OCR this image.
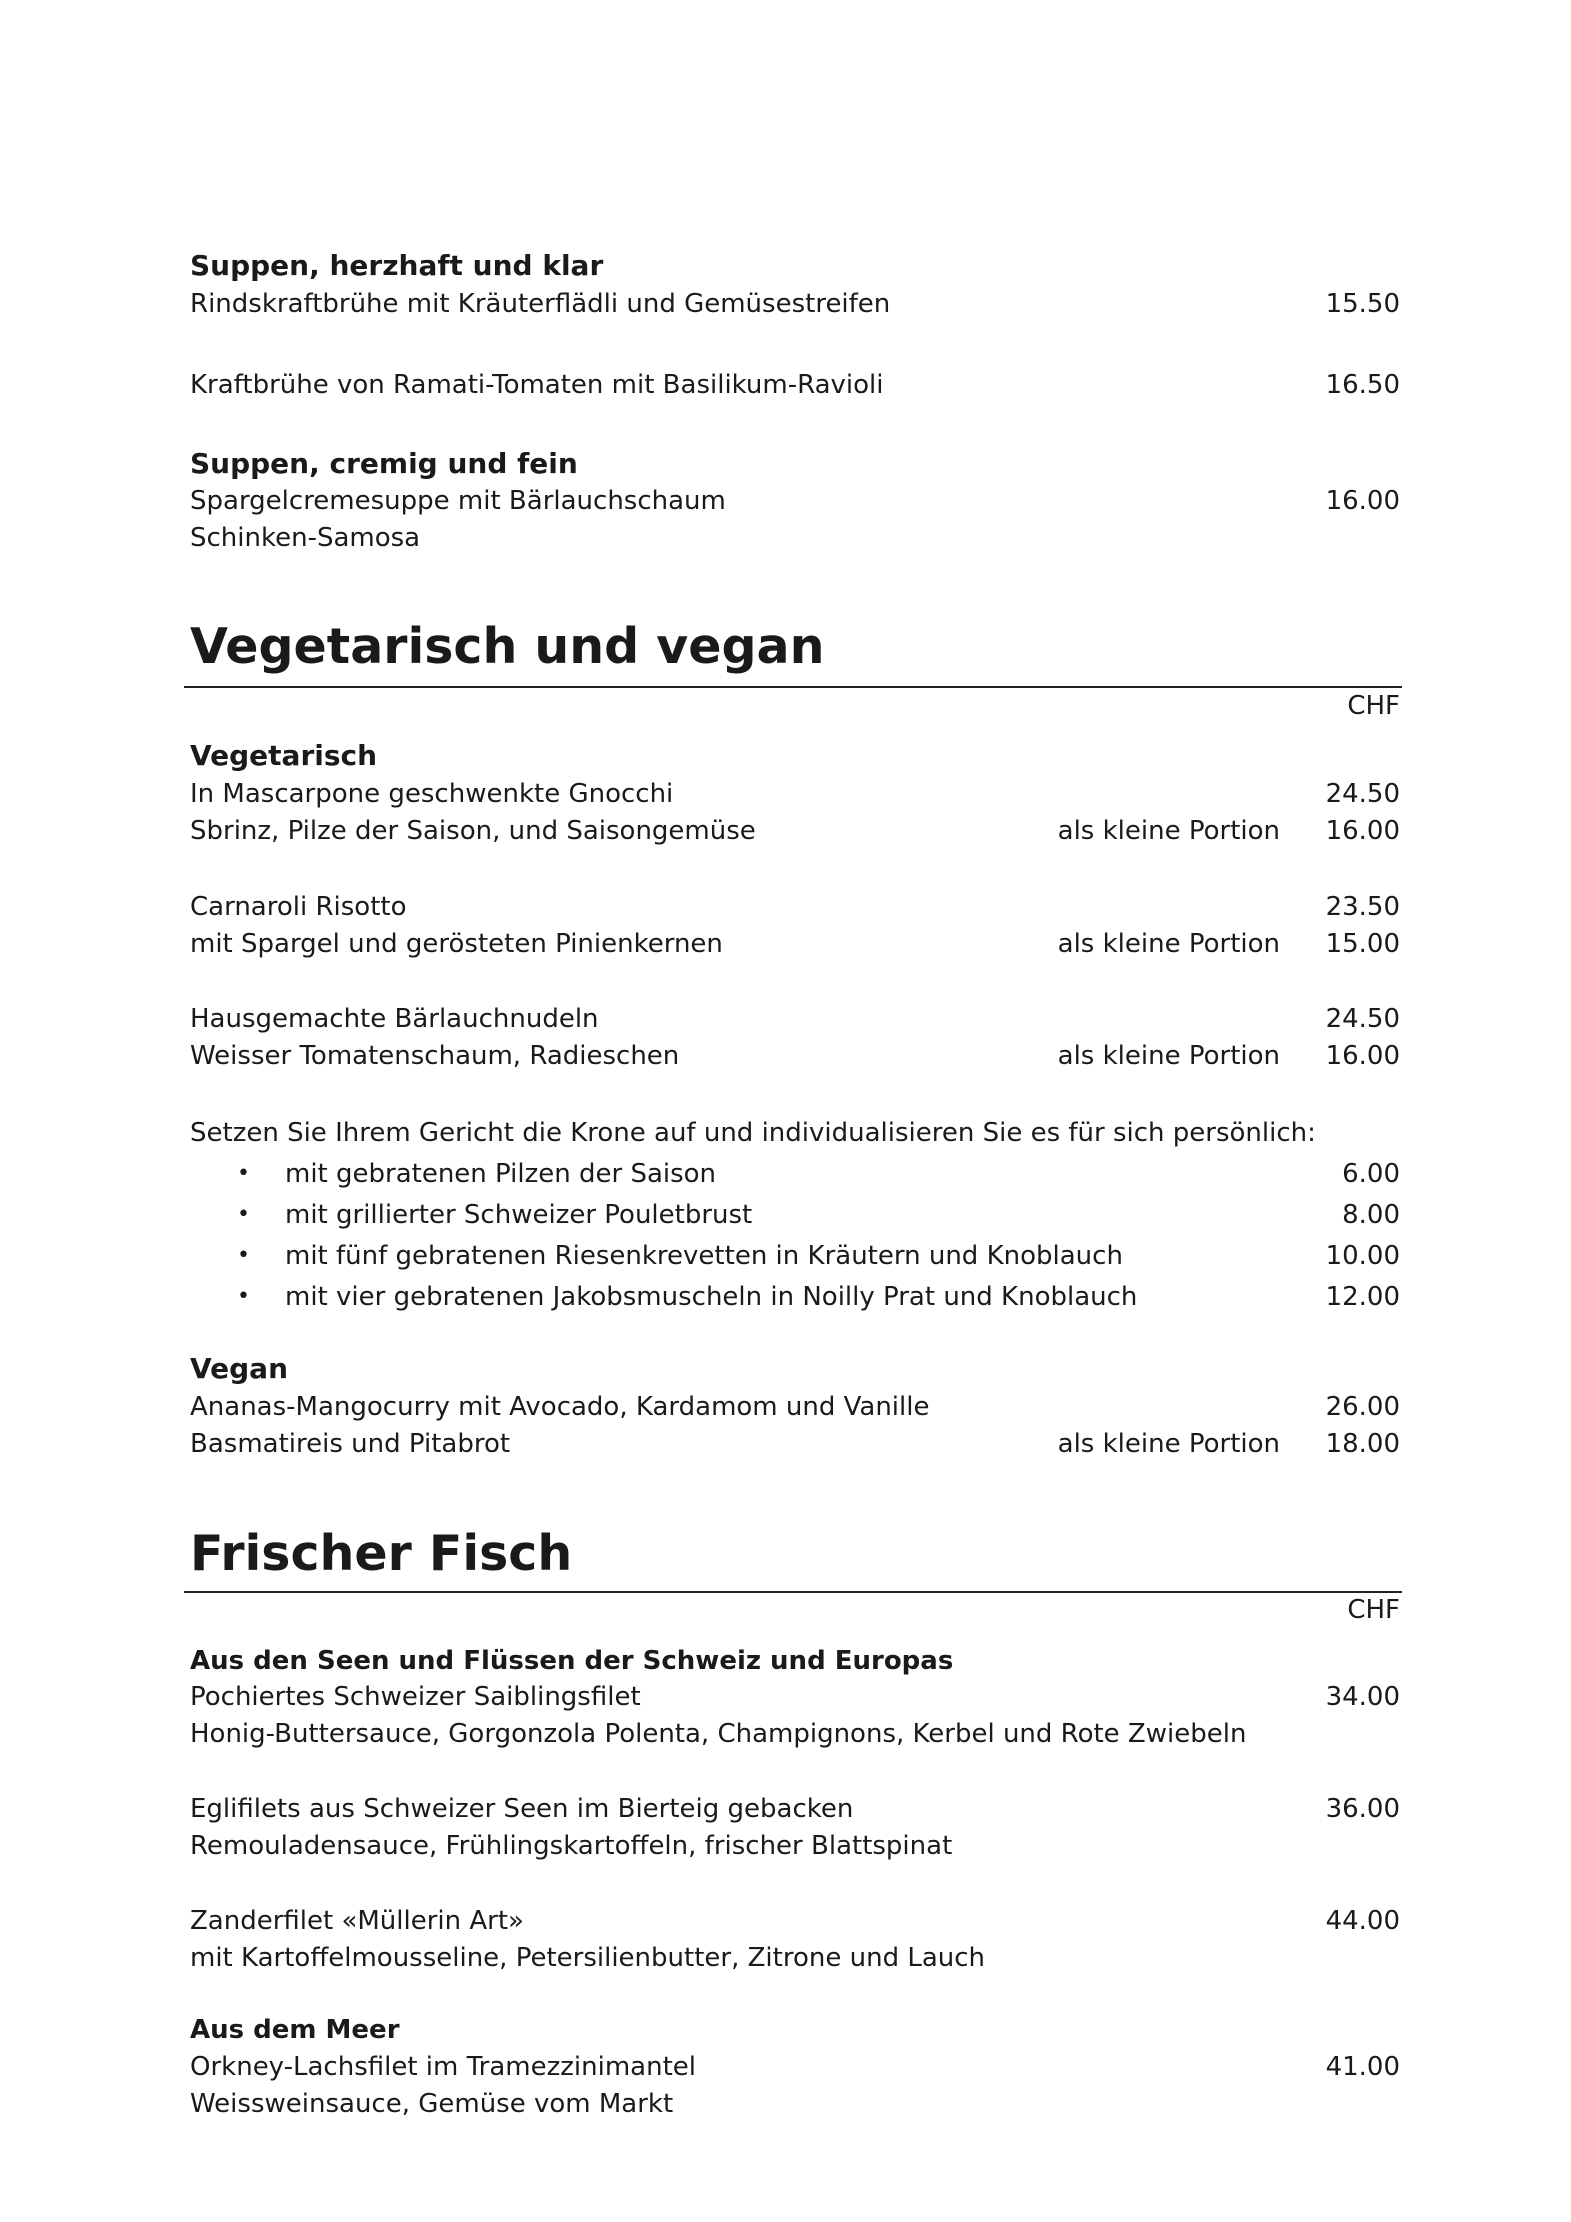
Suppen, herzhaft und klar
Rindskraftbrühe mit Kräuterflädli und Gemüsestreifen	15.50
Kraftbrühe von Ramati-Tomaten mit Basilikum-Ravioli	16.50
Suppen, cremig und fein
Spargelcremesuppe mit Bärlauchschaum	16.00
Schinken-Samosa
Vegetarisch und vegan
CHF
Vegetarisch
In Mascarpone geschwenkte Gnocchi	24.50
Sbrinz, Pilze der Saison, und Saisongemüse	als kleine Portion 16.00
Carnaroli Risotto	23.50
mit Spargel und gerösteten Pinienkernen	als kleine Portion 15.00
Hausgemachte Bärlauchnudeln	24.50
Weisser Tomatenschaum, Radieschen	als kleine Portion 16.00
Setzen Sie Ihrem Gericht die Krone auf und individualisieren Sie es für sich persönlich:
• mit gebratenen Pilzen der Saison	6.00
• mit grillierter Schweizer Pouletbrust	8.00
• mit fünf gebratenen Riesenkrevetten in Kräutern und Knoblauch	10.00
• mit vier gebratenen Jakobsmuscheln in Noilly Prat und Knoblauch	12.00
Vegan
Ananas-Mangocurry mit Avocado, Kardamom und Vanille	26.00
Basmatireis und Pitabrot	als kleine Portion 18.00
Frischer Fisch
CHF
Aus den Seen und Flüssen der Schweiz und Europas
Pochiertes Schweizer Saiblingsfilet	34.00
Honig-Buttersauce, Gorgonzola Polenta, Champignons, Kerbel und Rote Zwiebeln
Eglifilets aus Schweizer Seen im Bierteig gebacken	36.00
Remouladensauce, Frühlingskartoffeln, frischer Blattspinat
Zanderfilet «Müllerin Art»	44.00
mit Kartoffelmousseline, Petersilienbutter, Zitrone und Lauch
Aus dem Meer
Orkney-Lachsfilet im Tramezzinimantel	41.00
Weissweinsauce, Gemüse vom Markt
